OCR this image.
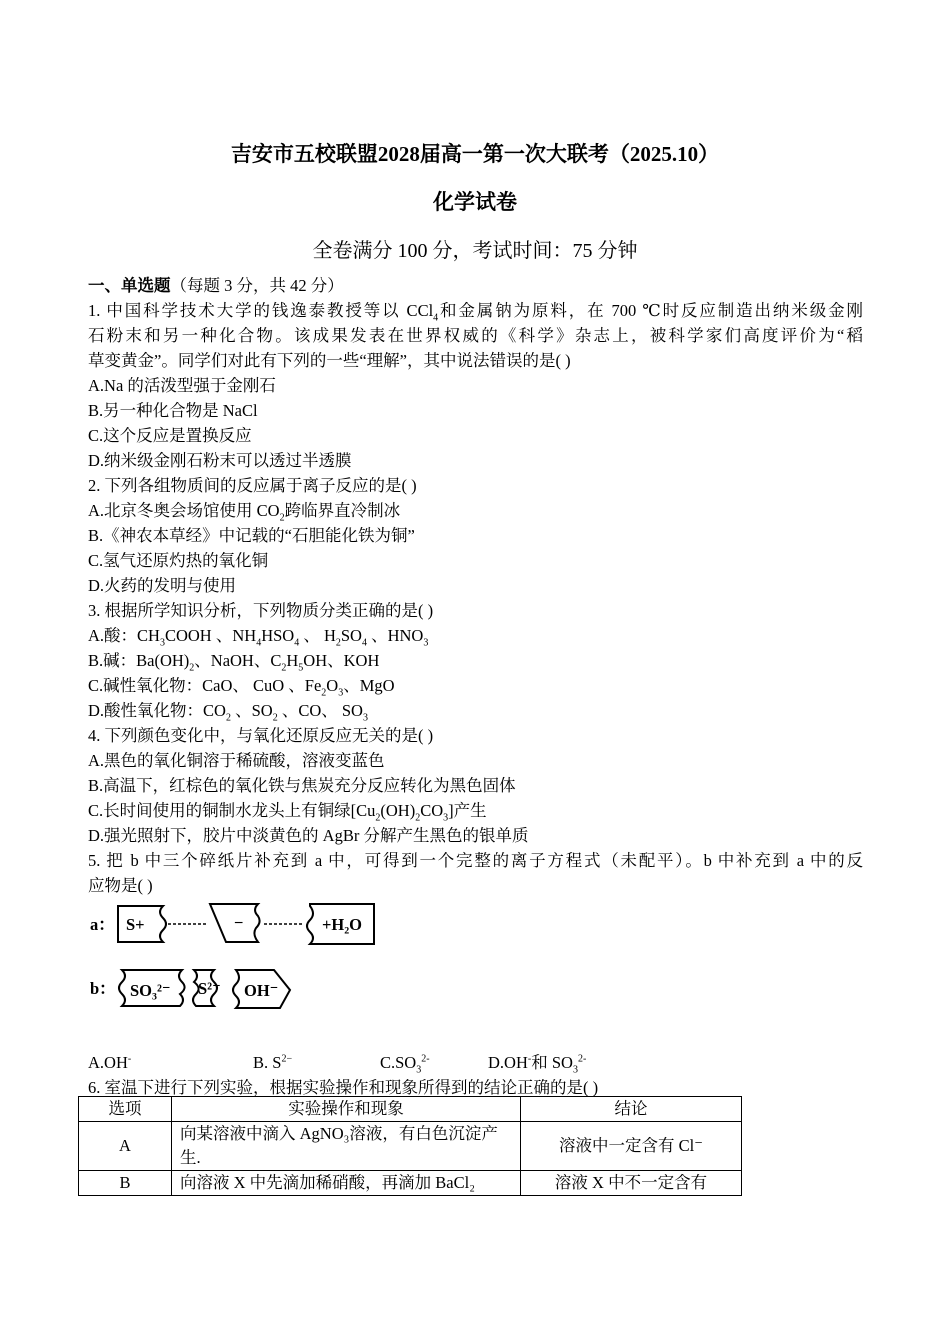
吉安市五校联盟2028届高一第一次大联考（2025.10）
化学试卷
全卷满分 100 分，考试时间：75 分钟
一、单选题（每题 3 分，共 42 分）
1. 中国科学技术大学的钱逸泰教授等以 CCl$_4$和金属钠为原料，在 700 ℃时反应制造出纳米级金刚
石粉末和另一种化合物。该成果发表在世界权威的《科学》杂志上，被科学家们高度评价为“稻
草变黄金”。同学们对此有下列的一些“理解”，其中说法错误的是( )
A.Na 的活泼型强于金刚石
B.另一种化合物是 NaCl
C.这个反应是置换反应
D.纳米级金刚石粉末可以透过半透膜
2. 下列各组物质间的反应属于离子反应的是( )
A.北京冬奥会场馆使用 $CO_2$跨临界直冷制冰
B.《神农本草经》中记载的“石胆能化铁为铜”
C.氢气还原灼热的氧化铜
D.火药的发明与使用
3. 根据所学知识分析，下列物质分类正确的是( )
A.酸：$CH_3COOH$ 、$NH_4HSO_4$ 、 $H_2SO_4$ 、$HNO_3$
B.碱：$Ba(OH)_2$、NaOH、$C_2H_5OH$、KOH
C.碱性氧化物：CaO、 CuO 、$Fe_2O_3$、MgO
D.酸性氧化物：$CO_2$ 、$SO_2$ 、CO、 $SO_3$
4. 下列颜色变化中，与氧化还原反应无关的是( )
A.黑色的氧化铜溶于稀硫酸，溶液变蓝色
B.高温下，红棕色的氧化铁与焦炭充分反应转化为黑色固体
C.长时间使用的铜制水龙头上有铜绿$[Cu_2(OH)_2CO_3]$产生
D.强光照射下，胶片中淡黄色的 AgBr 分解产生黑色的银单质
5. 把 b 中三个碎纸片补充到 a 中，可得到一个完整的离子方程式（未配平）。b 中补充到 a 中的反
应物是( )
a：
b：
S+	−	+H₂O
SO₃²⁻ S²⁻ OH⁻
A.OH-	B. $S^{2-}$	$C.SO_3^{2-}$	D.OH-和 $SO_3^{2-}$
6. 室温下进行下列实验，根据实验操作和现象所得到的结论正确的是( )
选项	实验操作和现象	结论
A	向某溶液中滴入 AgNO₃溶液，有白色沉淀产生.	溶液中一定含有 Cl⁻
B	向溶液 X 中先滴加稀硝酸，再滴加 BaCl₂	溶液 X 中不一定含有
